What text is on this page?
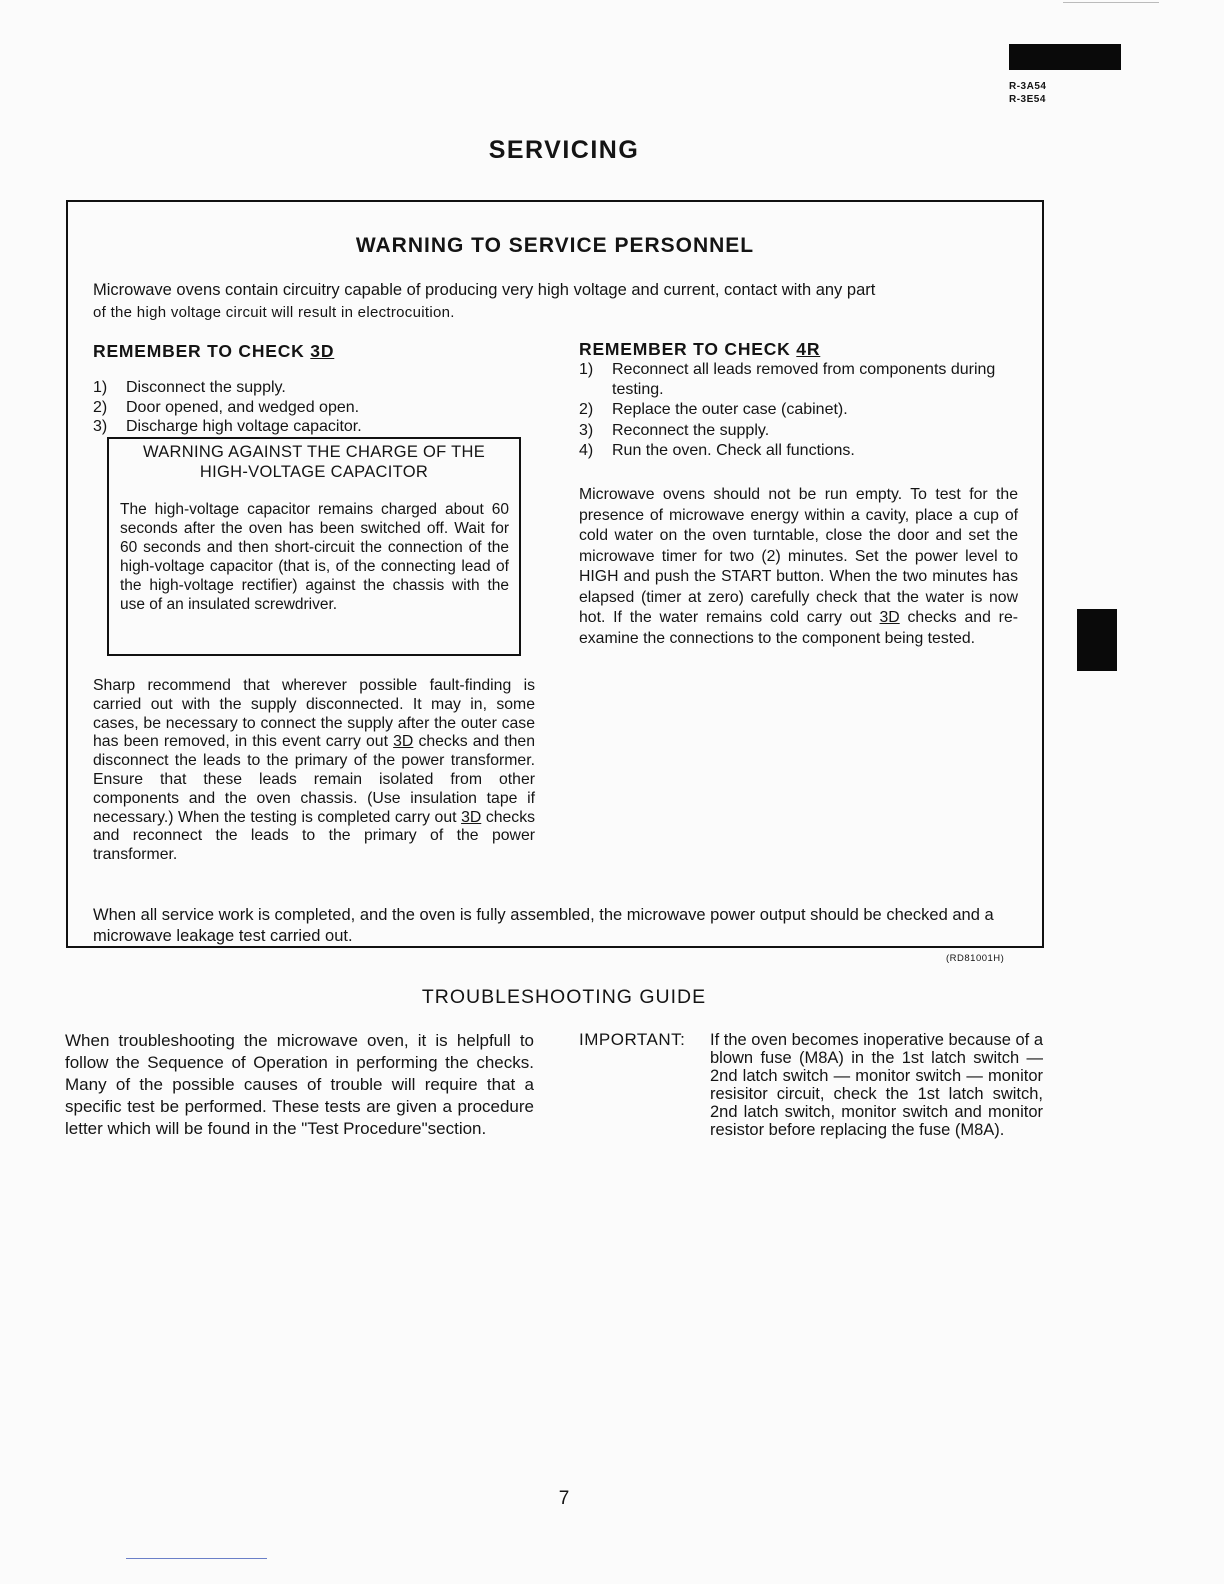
R-3A54
R-3E54
SERVICING
WARNING TO SERVICE PERSONNEL
Microwave ovens contain circuitry capable of producing very high voltage and current, contact with any part
of the high voltage circuit will result in electrocuition.
REMEMBER TO CHECK 3D
1)	Disconnect the supply.
2)	Door opened, and wedged open.
3)	Discharge high voltage capacitor.
WARNING AGAINST THE CHARGE OF THE
HIGH-VOLTAGE CAPACITOR

The high-voltage capacitor remains charged about 60 seconds after the oven has been switched off. Wait for 60 seconds and then short-circuit the connection of the high-voltage capacitor (that is, of the connecting lead of the high-voltage rectifier) against the chassis with the use of an insulated screwdriver.

Sharp recommend that wherever possible fault-finding is carried out with the supply disconnected. It may in, some cases, be necessary to connect the supply after the outer case has been removed, in this event carry out 3D checks and then disconnect the leads to the primary of the power transformer. Ensure that these leads remain isolated from other components and the oven chassis. (Use insulation tape if necessary.) When the testing is completed carry out 3D checks and reconnect the leads to the primary of the power transformer.

REMEMBER TO CHECK 4R
1)	Reconnect all leads removed from components during testing.
2)	Replace the outer case (cabinet).
3)	Reconnect the supply.
4)	Run the oven. Check all functions.

Microwave ovens should not be run empty. To test for the presence of microwave energy within a cavity, place a cup of cold water on the oven turntable, close the door and set the microwave timer for two (2) minutes. Set the power level to HIGH and push the START button. When the two minutes has elapsed (timer at zero) carefully check that the water is now hot. If the water remains cold carry out 3D checks and re-examine the connections to the component being tested.

When all service work is completed, and the oven is fully assembled, the microwave power output should be checked and a microwave leakage test carried out.

(RD81001H)
TROUBLESHOOTING GUIDE

When troubleshooting the microwave oven, it is helpfull to follow the Sequence of Operation in performing the checks. Many of the possible causes of trouble will require that a specific test be performed. These tests are given a procedure letter which will be found in the "Test Procedure"section.

IMPORTANT: If the oven becomes inoperative because of a blown fuse (M8A) in the 1st latch switch — 2nd latch switch — monitor switch — monitor resisitor circuit, check the 1st latch switch, 2nd latch switch, monitor switch and monitor resistor before replacing the fuse (M8A).

7
